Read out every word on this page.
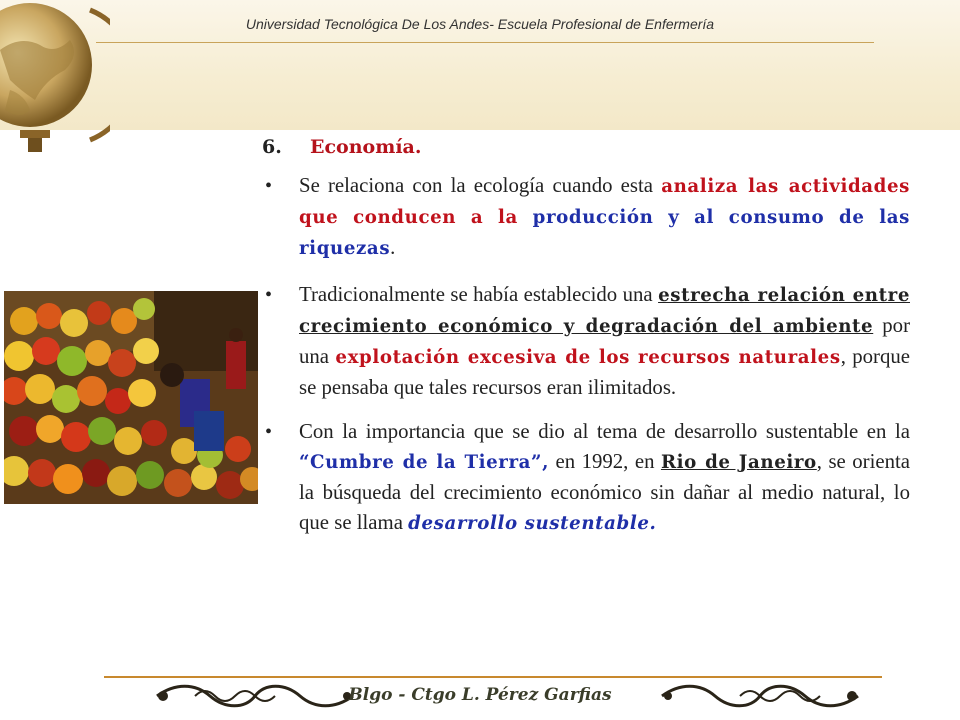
Universidad Tecnológica De Los Andes- Escuela Profesional de Enfermería
6.	Economía.
• Se relaciona con la ecología cuando esta analiza las actividades que conducen a la producción y al consumo de las riquezas.
• Tradicionalmente se había establecido una estrecha relación entre crecimiento económico y degradación del ambiente por una explotación excesiva de los recursos naturales, porque se pensaba que tales recursos eran ilimitados.
• Con la importancia que se dio al tema de desarrollo sustentable en la “Cumbre de la Tierra”, en 1992, en Rio de Janeiro, se orienta la búsqueda del crecimiento económico sin dañar al medio natural, lo que se llama desarrollo sustentable.
Blgo - Ctgo L. Pérez Garfias
